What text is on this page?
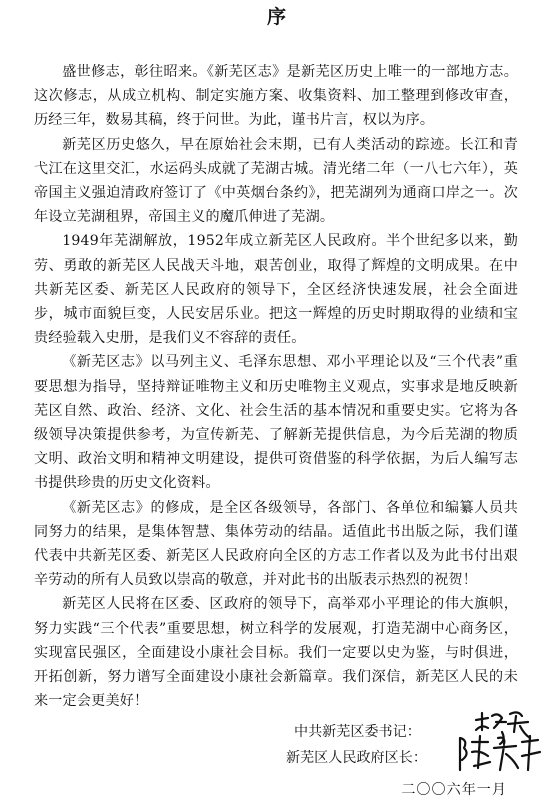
序

盛世修志，彰往昭来。《新芜区志》是新芜区历史上唯一的一部地方志。这次修志，从成立机构、制定实施方案、收集资料、加工整理到修改审查，历经三年，数易其稿，终于问世。为此，谨书片言，权以为序。

新芜区历史悠久，早在原始社会末期，已有人类活动的踪迹。长江和青弋江在这里交汇，水运码头成就了芜湖古城。清光绪二年（一八七六年），英帝国主义强迫清政府签订了《中英烟台条约》，把芜湖列为通商口岸之一。次年设立芜湖租界，帝国主义的魔爪伸进了芜湖。

1949年芜湖解放，1952年成立新芜区人民政府。半个世纪多以来，勤劳、勇敢的新芜区人民战天斗地，艰苦创业，取得了辉煌的文明成果。在中共新芜区委、新芜区人民政府的领导下，全区经济快速发展，社会全面进步，城市面貌巨变，人民安居乐业。把这一辉煌的历史时期取得的业绩和宝贵经验载入史册，是我们义不容辞的责任。

《新芜区志》以马列主义、毛泽东思想、邓小平理论以及“三个代表”重要思想为指导，坚持辩证唯物主义和历史唯物主义观点，实事求是地反映新芜区自然、政治、经济、文化、社会生活的基本情况和重要史实。它将为各级领导决策提供参考，为宣传新芜、了解新芜提供信息，为今后芜湖的物质文明、政治文明和精神文明建设，提供可资借鉴的科学依据，为后人编写志书提供珍贵的历史文化资料。

《新芜区志》的修成，是全区各级领导，各部门、各单位和编纂人员共同努力的结果，是集体智慧、集体劳动的结晶。适值此书出版之际，我们谨代表中共新芜区委、新芜区人民政府向全区的方志工作者以及为此书付出艰辛劳动的所有人员致以崇高的敬意，并对此书的出版表示热烈的祝贺！

新芜区人民将在区委、区政府的领导下，高举邓小平理论的伟大旗帜，努力实践“三个代表”重要思想，树立科学的发展观，打造芜湖中心商务区，实现富民强区，全面建设小康社会目标。我们一定要以史为鉴，与时俱进，开拓创新，努力谱写全面建设小康社会新篇章。我们深信，新芜区人民的未来一定会更美好！

中共新芜区委书记：
新芜区人民政府区长：
二〇〇六年一月
